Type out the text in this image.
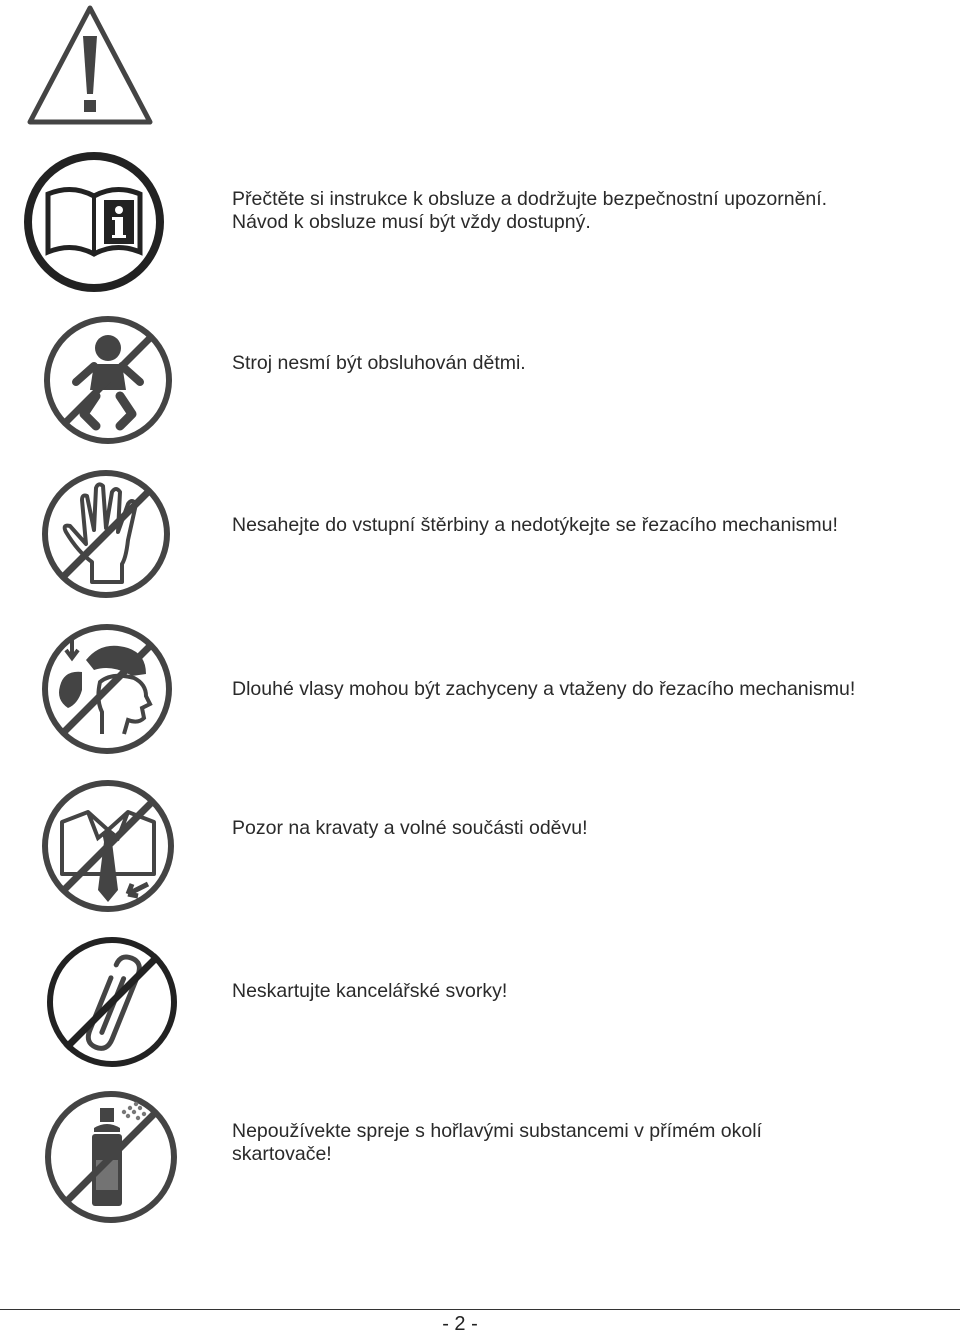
Přečtěte si instrukce k obsluze a dodržujte bezpečnostní upozornění.
Návod k obsluze musí být vždy dostupný.
Stroj nesmí být obsluhován dětmi.
Nesahejte do vstupní štěrbiny a nedotýkejte se řezacího mechanismu!
Dlouhé vlasy mohou být zachyceny a vtaženy do řezacího mechanismu!
Pozor na kravaty a volné součásti oděvu!
Neskartujte kancelářské svorky!
Nepoužívekte spreje s hořlavými substancemi v přímém okolí
skartovače!
- 2 -
